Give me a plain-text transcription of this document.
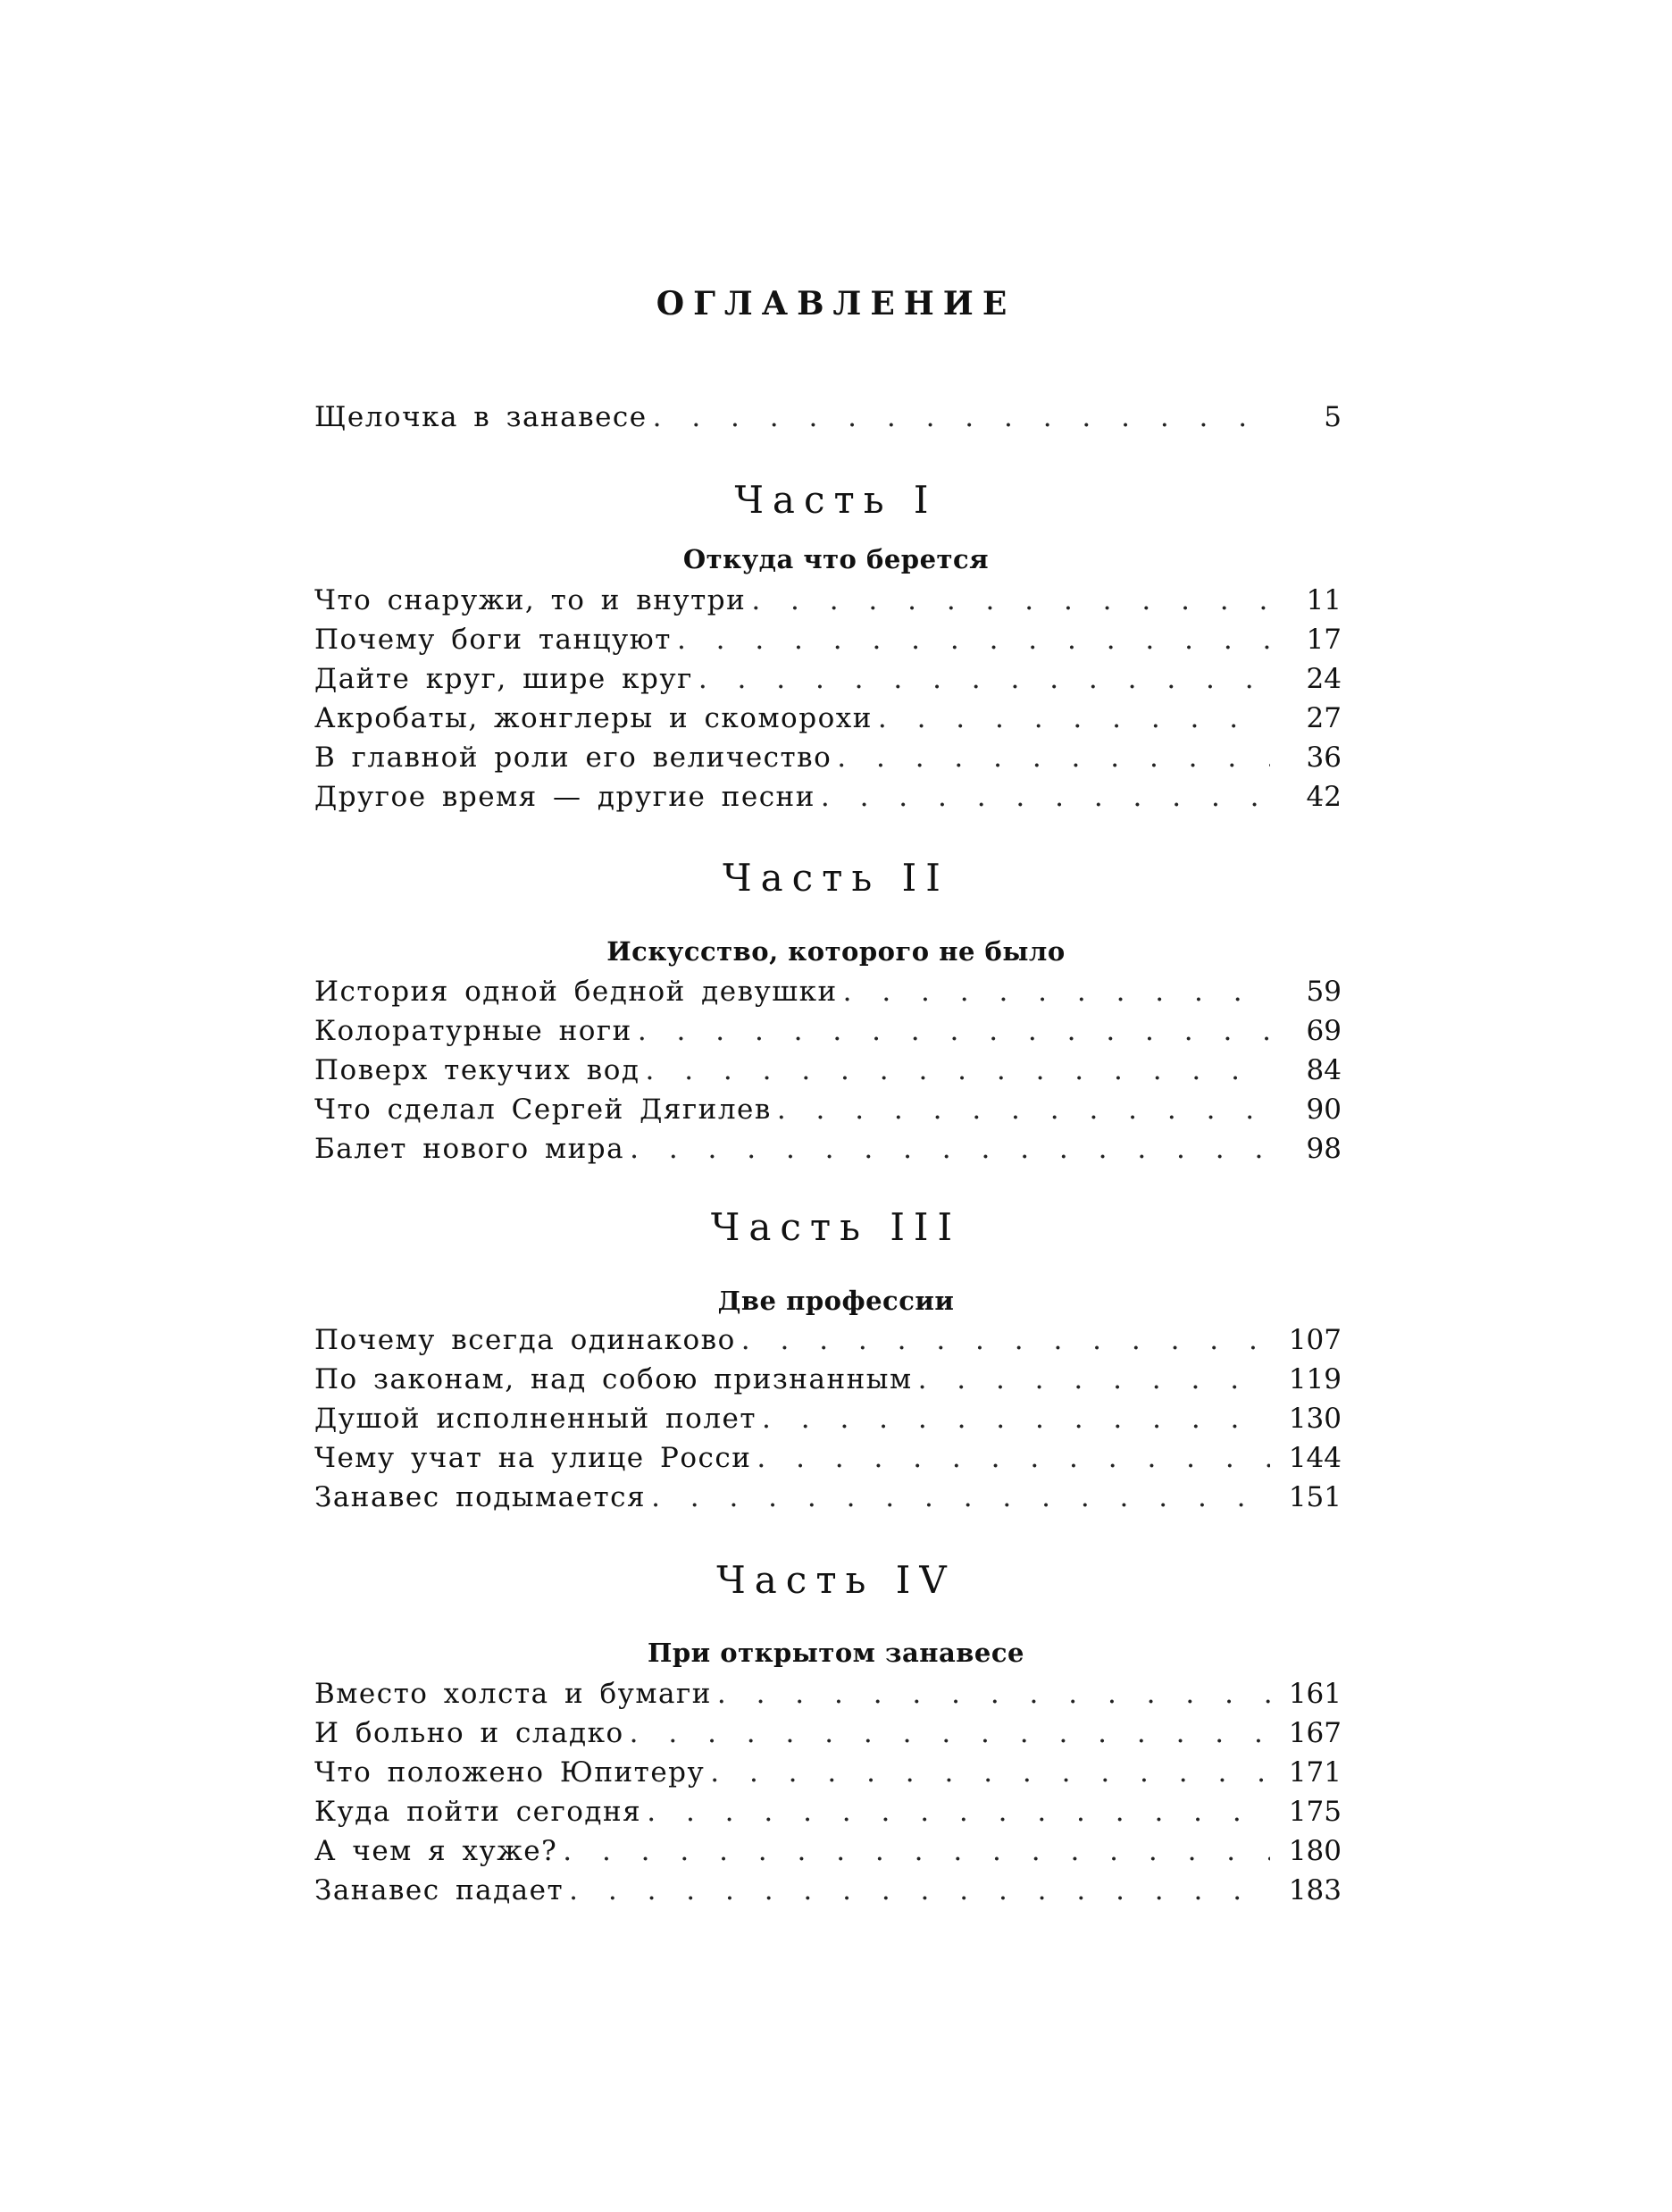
ОГЛАВЛЕНИЕ
Щелочка в занавесе . . .	5
Часть I
Откуда что берется
Что снаружи, то и внутри . . .	11
Почему боги танцуют . . .	17
Дайте круг, шире круг . . .	24
Акробаты, жонглеры и скоморохи . . .	27
В главной роли его величество . . .	36
Другое время — другие песни . . .	42
Часть II
Искусство, которого не было
История одной бедной девушки . . .	59
Колоратурные ноги . . .	69
Поверх текучих вод . . .	84
Что сделал Сергей Дягилев . . .	90
Балет нового мира . . .	98
Часть III
Две профессии
Почему всегда одинаково . . .	107
По законам, над собою признанным . . .	119
Душой исполненный полет . . .	130
Чему учат на улице Росси . . .	144
Занавес подымается . . .	151
Часть IV
При открытом занавесе
Вместо холста и бумаги . . .	161
И больно и сладко . . .	167
Что положено Юпитеру . . .	171
Куда пойти сегодня . . .	175
А чем я хуже? . . .	180
Занавес падает . . .	183
